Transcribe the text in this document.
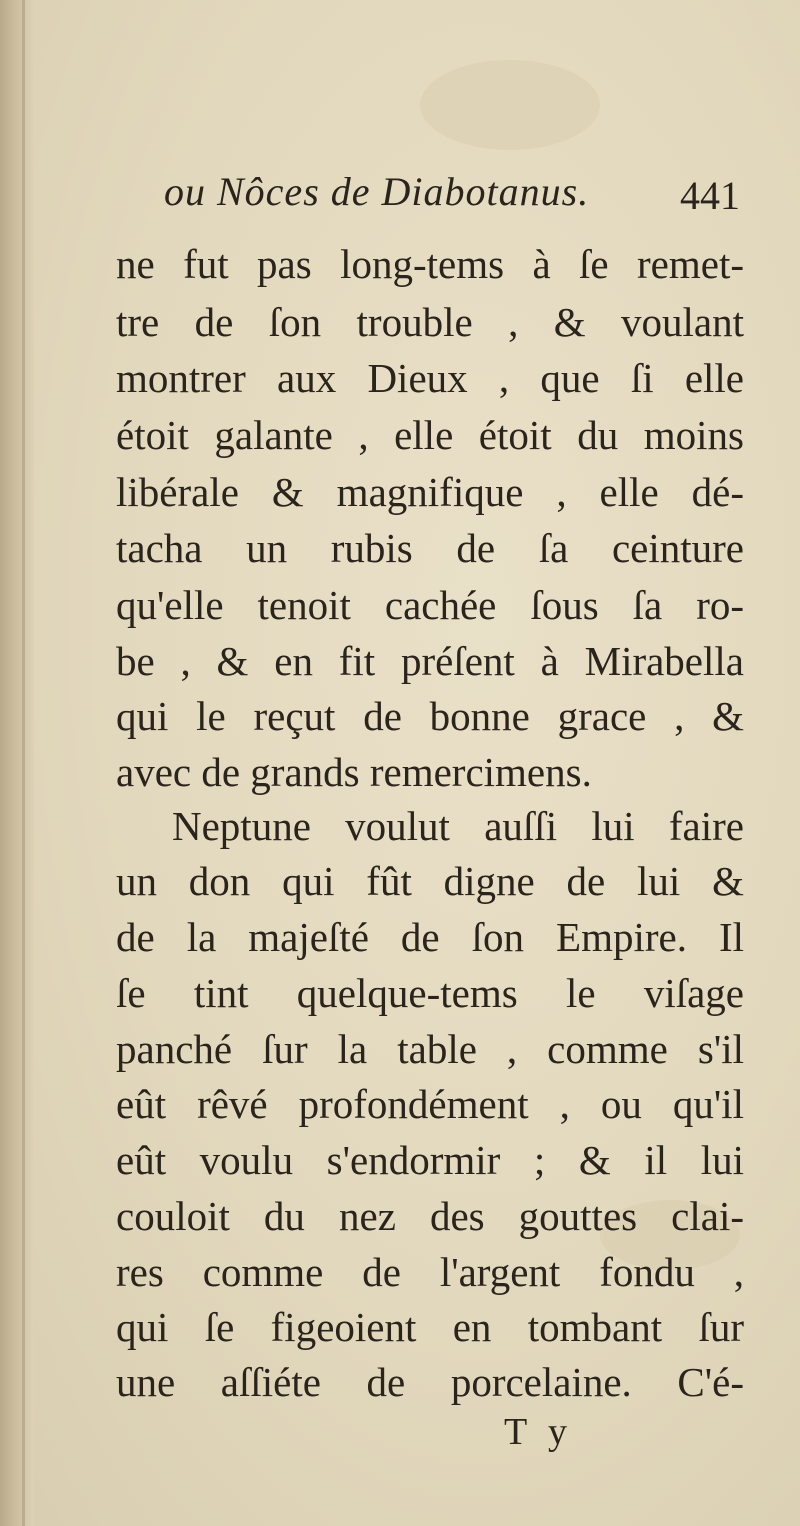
ou Nôces de Diabotanus. 441
ne fut pas long-tems à ſe remet-
tre de ſon trouble , & voulant
montrer aux Dieux , que ſi elle
étoit galante , elle étoit du moins
libérale & magnifique , elle dé-
tacha un rubis de ſa ceinture
qu'elle tenoit cachée ſous ſa ro-
be , & en fit préſent à Mirabella
qui le reçut de bonne grace , &
avec de grands remercimens.
Neptune voulut auſſi lui faire
un don qui fût digne de lui &
de la majeſté de ſon Empire. Il
ſe tint quelque-tems le viſage
panché ſur la table , comme s'il
eût rêvé profondément , ou qu'il
eût voulu s'endormir ; & il lui
couloit du nez des gouttes clai-
res comme de l'argent fondu ,
qui ſe figeoient en tombant ſur
une aſſiéte de porcelaine. C'é-
T y
